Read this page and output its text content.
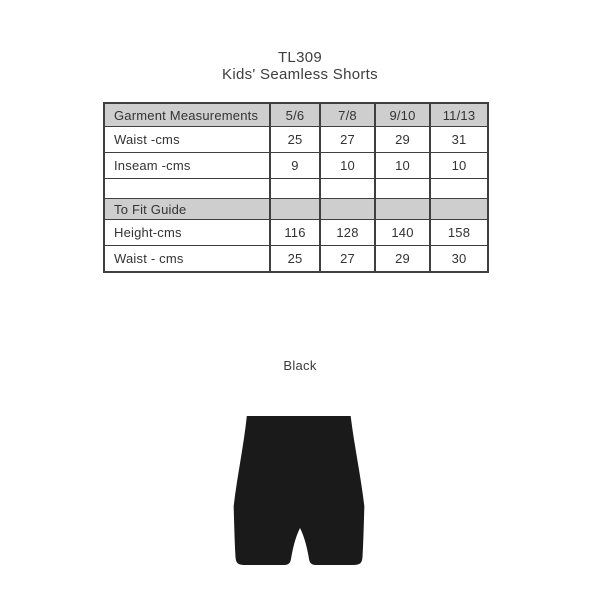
TL309
Kids' Seamless Shorts
Garment Measurements	5/6	7/8	9/10	11/13
Waist -cms	25	27	29	31
Inseam -cms	9	10	10	10

To Fit Guide				
Height-cms	116	128	140	158
Waist - cms	25	27	29	30
Black
